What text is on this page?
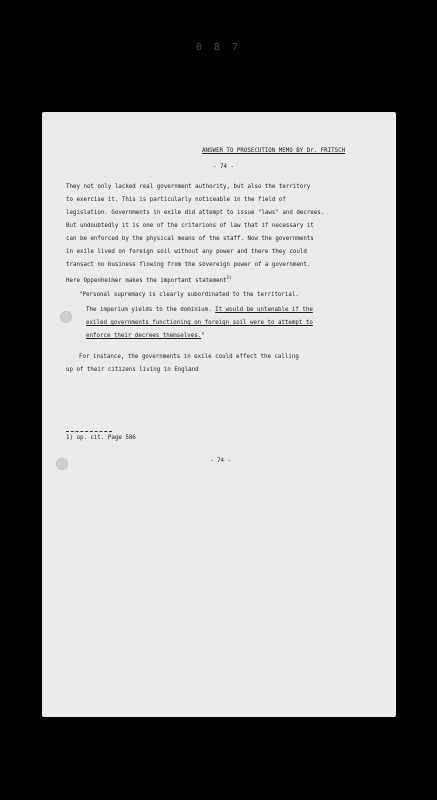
0 8 7
ANSWER TO PROSECUTION MEMO BY Dr. FRITSCH
- 74 -
They not only lacked real government authority, but also the territory
to exercise it. This is particularly noticeable in the field of
legislation. Governments in exile did attempt to issue "laws" and decrees.
But undoubtedly it is one of the criterions of law that if necessary it
can be enforced by the physical means of the staff. Now the governments
in exile lived on foreign soil without any power and there they could
transact no business flowing from the sovereign power of a government.
Here Oppenheimer makes the important statement$^{1)}$
"Personal supremacy is clearly subordinated to the territorial.
The imperium yields to the dominium. It would be untenable if the
exiled governments functioning on foreign soil were to attempt to
enforce their decrees themselves."
For instance, the governments in exile could effect the calling
up of their citizens living in England
1) op. cit. Page 586
- 74 -
